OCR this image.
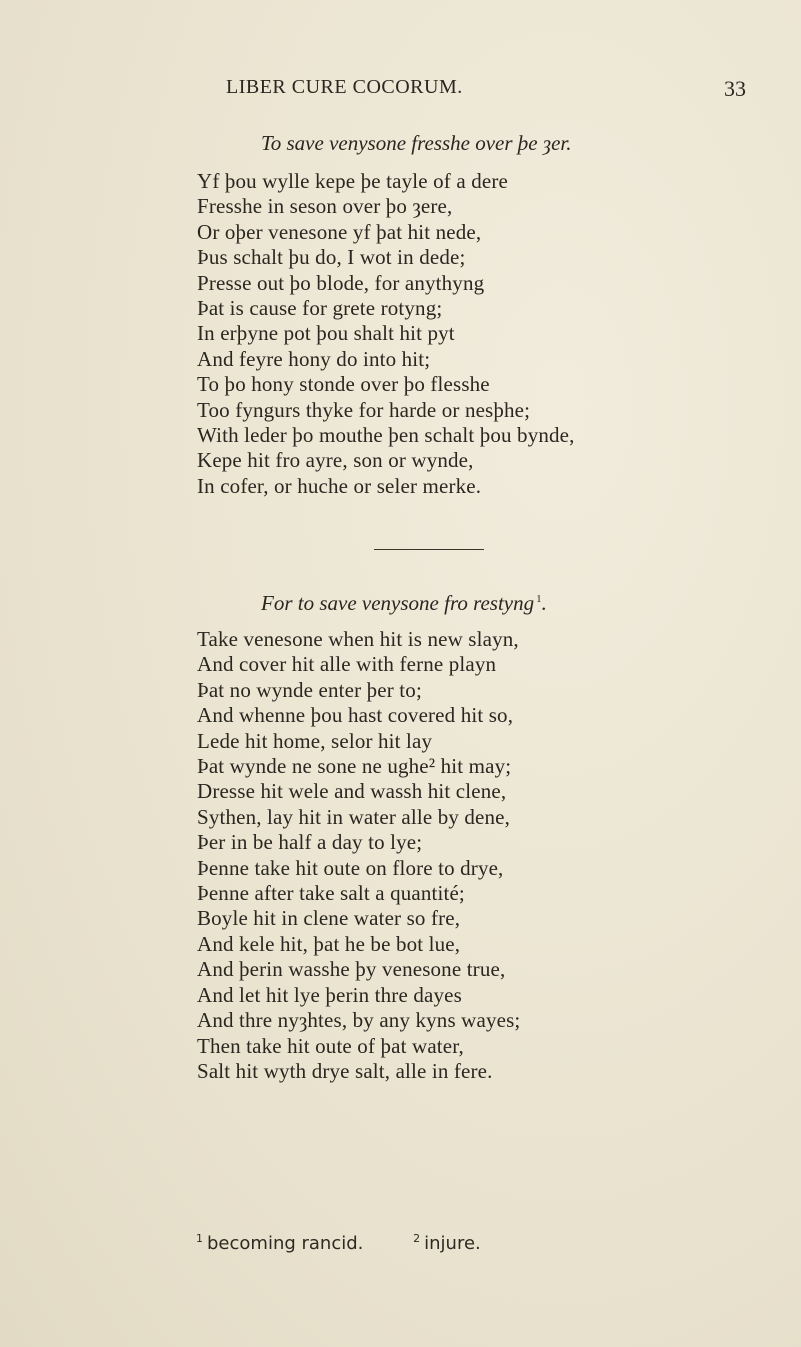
LIBER CURE COCORUM.	33
To save venysone fresshe over þe ȝer.
Yf þou wylle kepe þe tayle of a dere
Fresshe in seson over þo ȝere,
Or oþer venesone yf þat hit nede,
Þus schalt þu do, I wot in dede;
Presse out þo blode, for anythyng
Þat is cause for grete rotyng;
In erþyne pot þou shalt hit pyt
And feyre hony do into hit;
To þo hony stonde over þo flesshe
Too fyngurs thyke for harde or nesþhe;
With leder þo mouthe þen schalt þou bynde,
Kepe hit fro ayre, son or wynde,
In cofer, or huche or seler merke.
For to save venysone fro restyng $^1$.
Take venesone when hit is new slayn,
And cover hit alle with ferne playn
Þat no wynde enter þer to;
And whenne þou hast covered hit so,
Lede hit home, selor hit lay
Þat wynde ne sone ne ughe² hit may;
Dresse hit wele and wassh hit clene,
Sythen, lay hit in water alle by dene,
Þer in be half a day to lye;
Þenne take hit oute on flore to drye,
Þenne after take salt a quantité;
Boyle hit in clene water so fre,
And kele hit, þat he be bot lue,
And þerin wasshe þy venesone true,
And let hit lye þerin thre dayes
And thre nyȝhtes, by any kyns wayes;
Then take hit oute of þat water,
Salt hit wyth drye salt, alle in fere.
$^1$ becoming rancid.	$^2$ injure.
